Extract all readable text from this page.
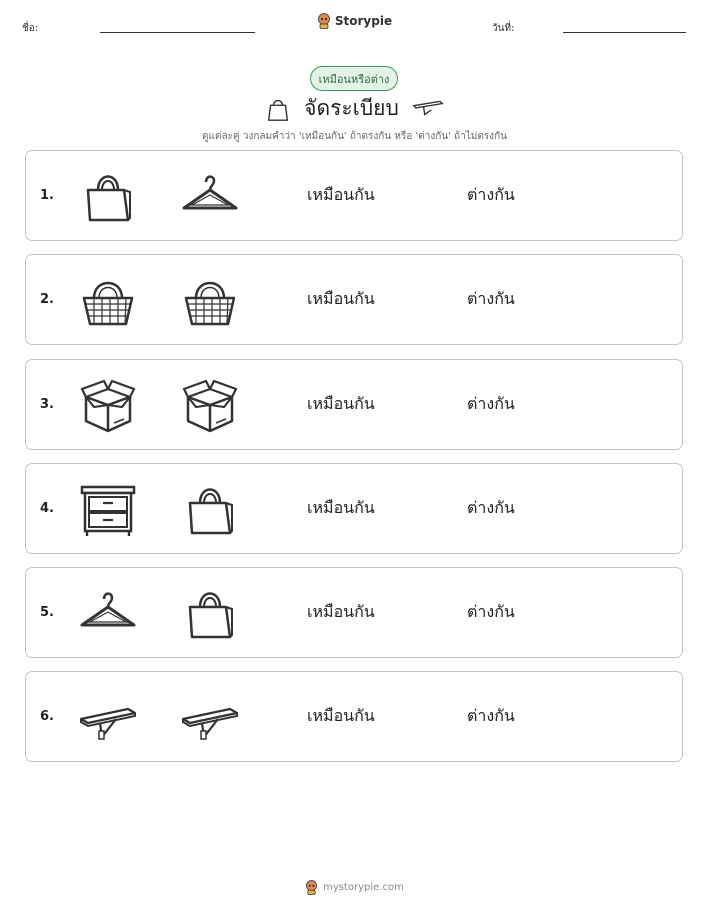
ชื่อ:
Storypie
วันที่:
เหมือนหรือต่าง
จัดระเบียบ
ดูแต่ละคู่ วงกลมคำว่า 'เหมือนกัน' ถ้าตรงกัน หรือ 'ต่างกัน' ถ้าไม่ตรงกัน
1.	เหมือนกัน	ต่างกัน
2.	เหมือนกัน	ต่างกัน
3.	เหมือนกัน	ต่างกัน
4.	เหมือนกัน	ต่างกัน
5.	เหมือนกัน	ต่างกัน
6.	เหมือนกัน	ต่างกัน
mystorypie.com
